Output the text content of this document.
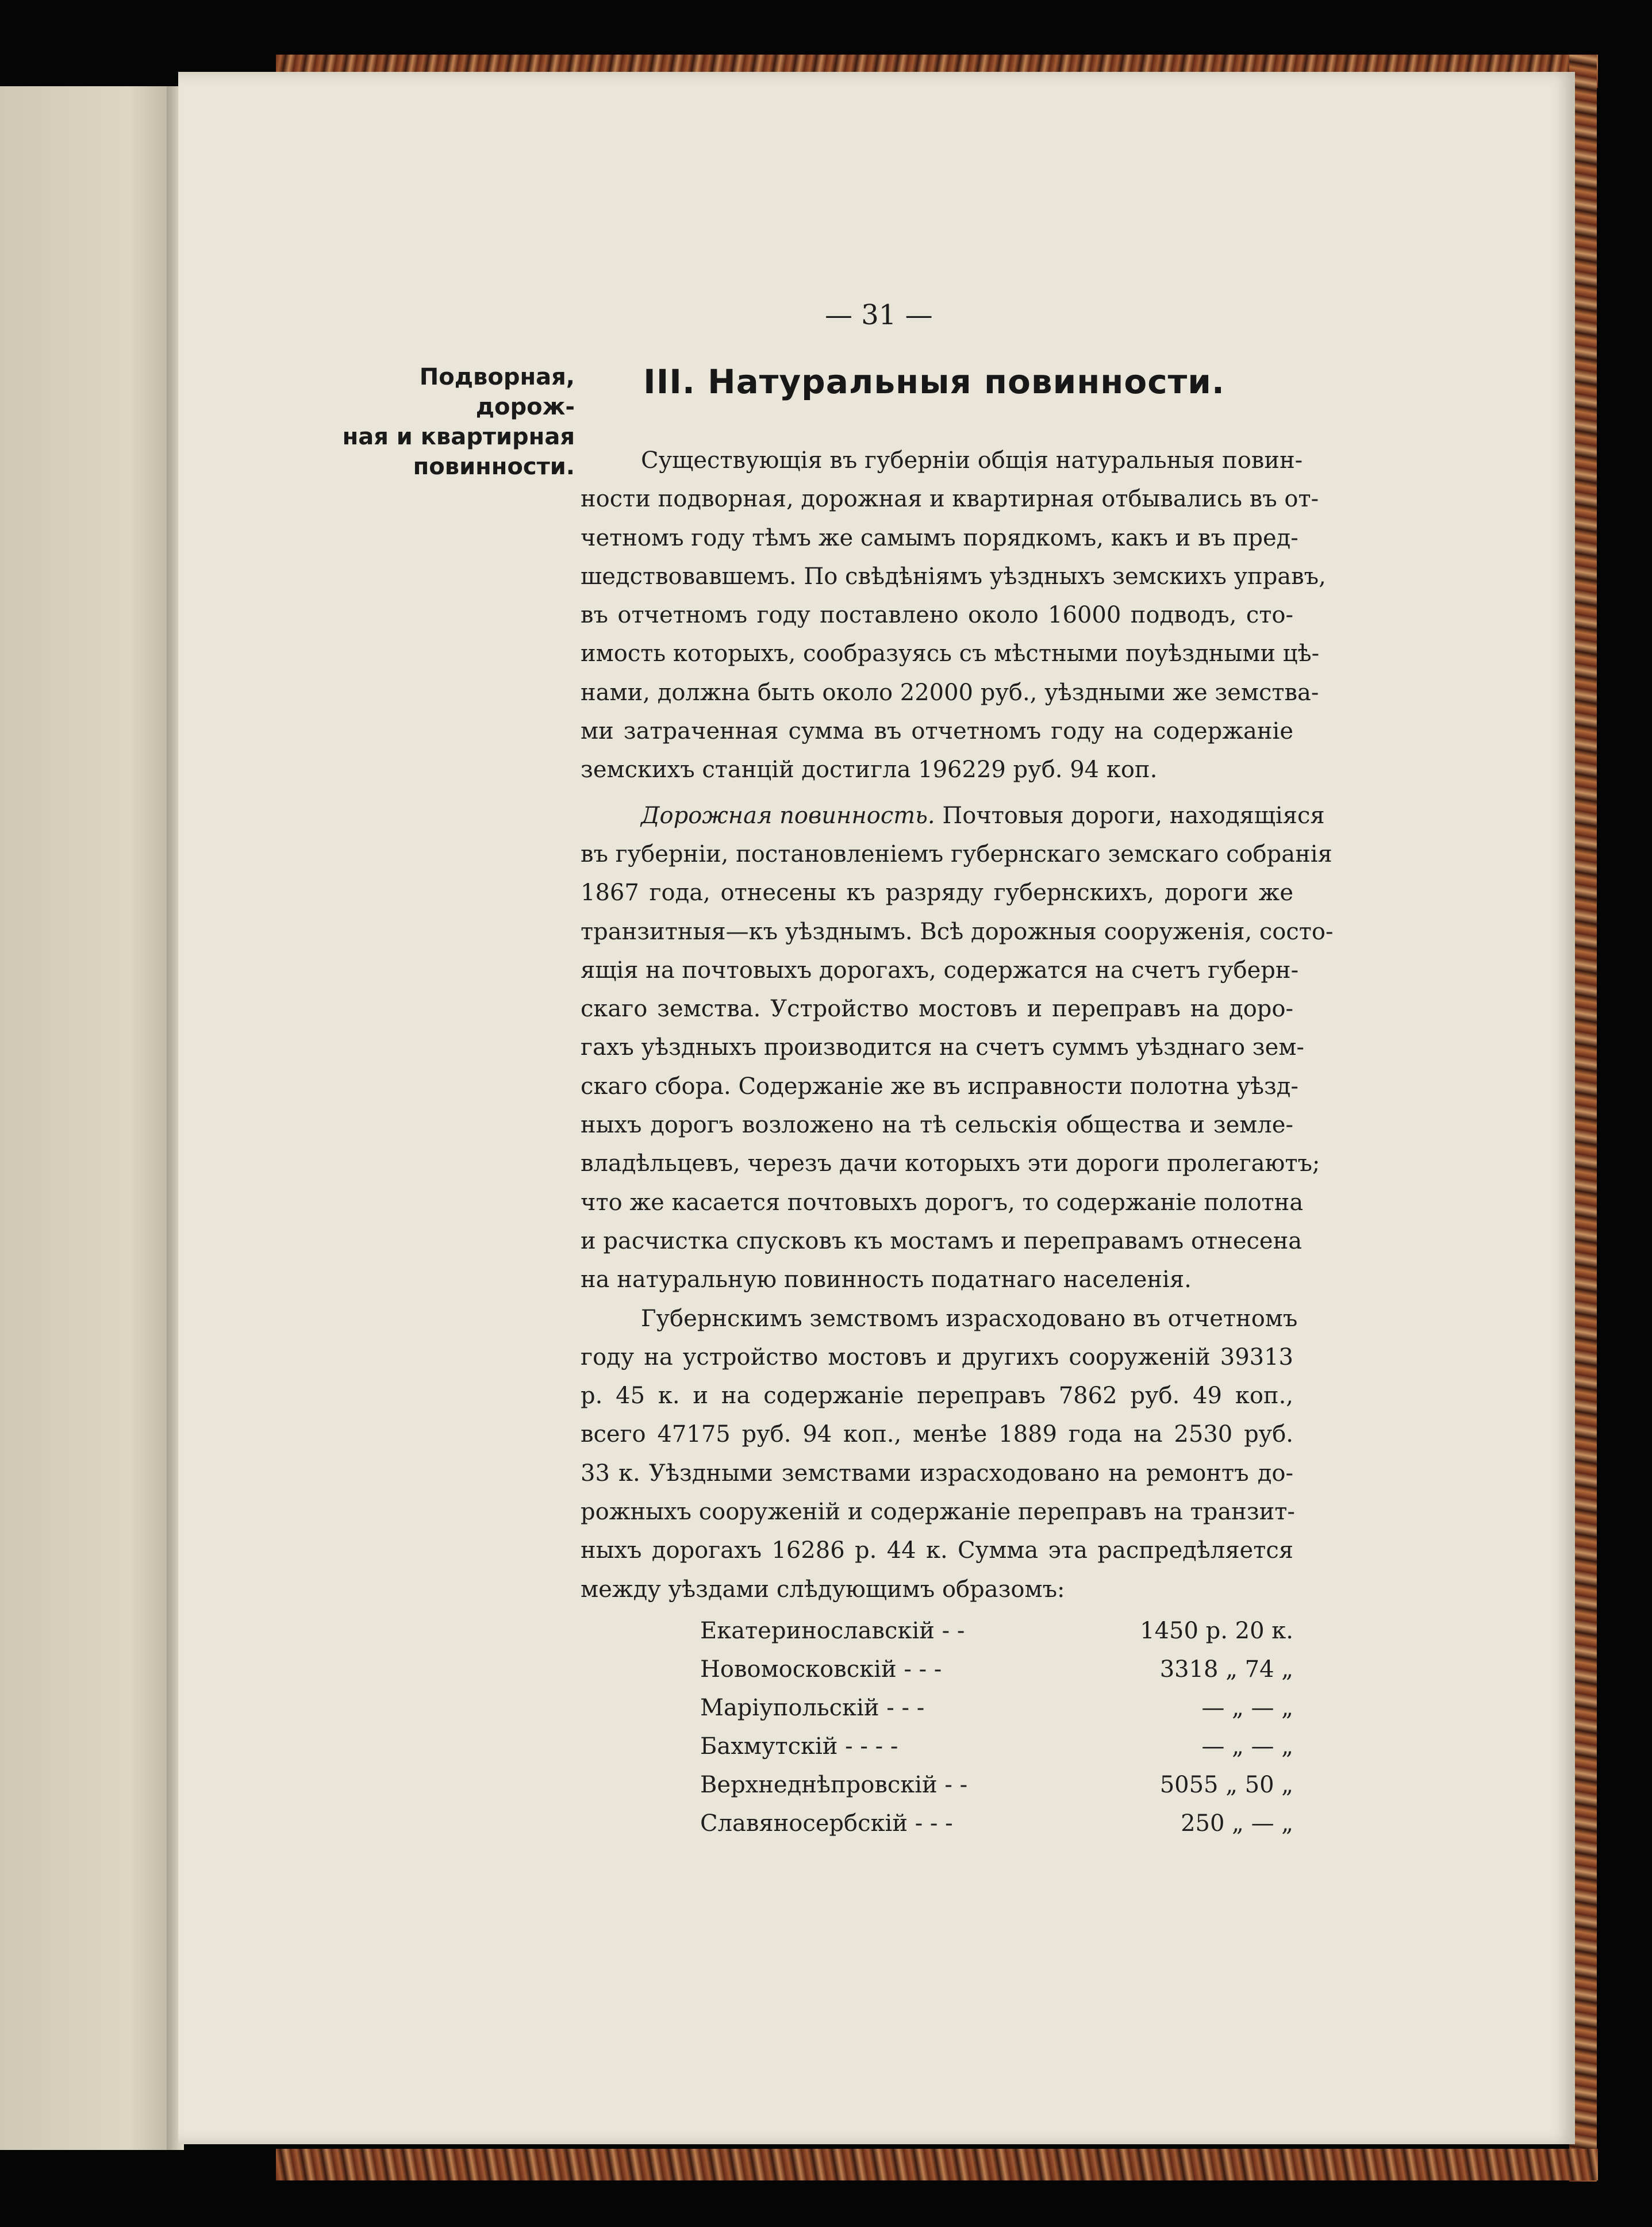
— 31 —
Подворная, дорож-
ная и квартирная
повинности.
III. Натуральныя повинности.
Существующія въ губерніи общія натуральныя повин-
ности подворная, дорожная и квартирная отбывались въ от-
четномъ году тѣмъ же самымъ порядкомъ, какъ и въ пред-
шедствовавшемъ. По свѣдѣніямъ уѣздныхъ земскихъ управъ,
въ отчетномъ году поставлено около 16000 подводъ, сто-
имость которыхъ, сообразуясь съ мѣстными поуѣздными цѣ-
нами, должна быть около 22000 руб., уѣздными же земства-
ми затраченная сумма въ отчетномъ году на содержаніе
земскихъ станцій достигла 196229 руб. 94 коп.
Дорожная повинность. Почтовыя дороги, находящіяся
въ губерніи, постановленіемъ губернскаго земскаго собранія
1867 года, отнесены къ разряду губернскихъ, дороги же
транзитныя—къ уѣзднымъ. Всѣ дорожныя сооруженія, состо-
ящія на почтовыхъ дорогахъ, содержатся на счетъ губерн-
скаго земства. Устройство мостовъ и переправъ на доро-
гахъ уѣздныхъ производится на счетъ суммъ уѣзднаго зем-
скаго сбора. Содержаніе же въ исправности полотна уѣзд-
ныхъ дорогъ возложено на тѣ сельскія общества и земле-
владѣльцевъ, черезъ дачи которыхъ эти дороги пролегаютъ;
что же касается почтовыхъ дорогъ, то содержаніе полотна
и расчистка спусковъ къ мостамъ и переправамъ отнесена
на натуральную повинность податнаго населенія.
Губернскимъ земствомъ израсходовано въ отчетномъ
году на устройство мостовъ и другихъ сооруженій 39313
р. 45 к. и на содержаніе переправъ 7862 руб. 49 коп.,
всего 47175 руб. 94 коп., менѣе 1889 года на 2530 руб.
33 к. Уѣздными земствами израсходовано на ремонтъ до-
рожныхъ сооруженій и содержаніе переправъ на транзит-
ныхъ дорогахъ 16286 р. 44 к. Сумма эта распредѣляется
между уѣздами слѣдующимъ образомъ:
Екатеринославскій - -	1450 р. 20 к.
Новомосковскій - - -	3318 „ 74 „
Маріупольскій - - -	— „ — „
Бахмутскій - - - -	— „ — „
Верхнеднѣпровскій - -	5055 „ 50 „
Славяносербскій - - -	250 „ — „
